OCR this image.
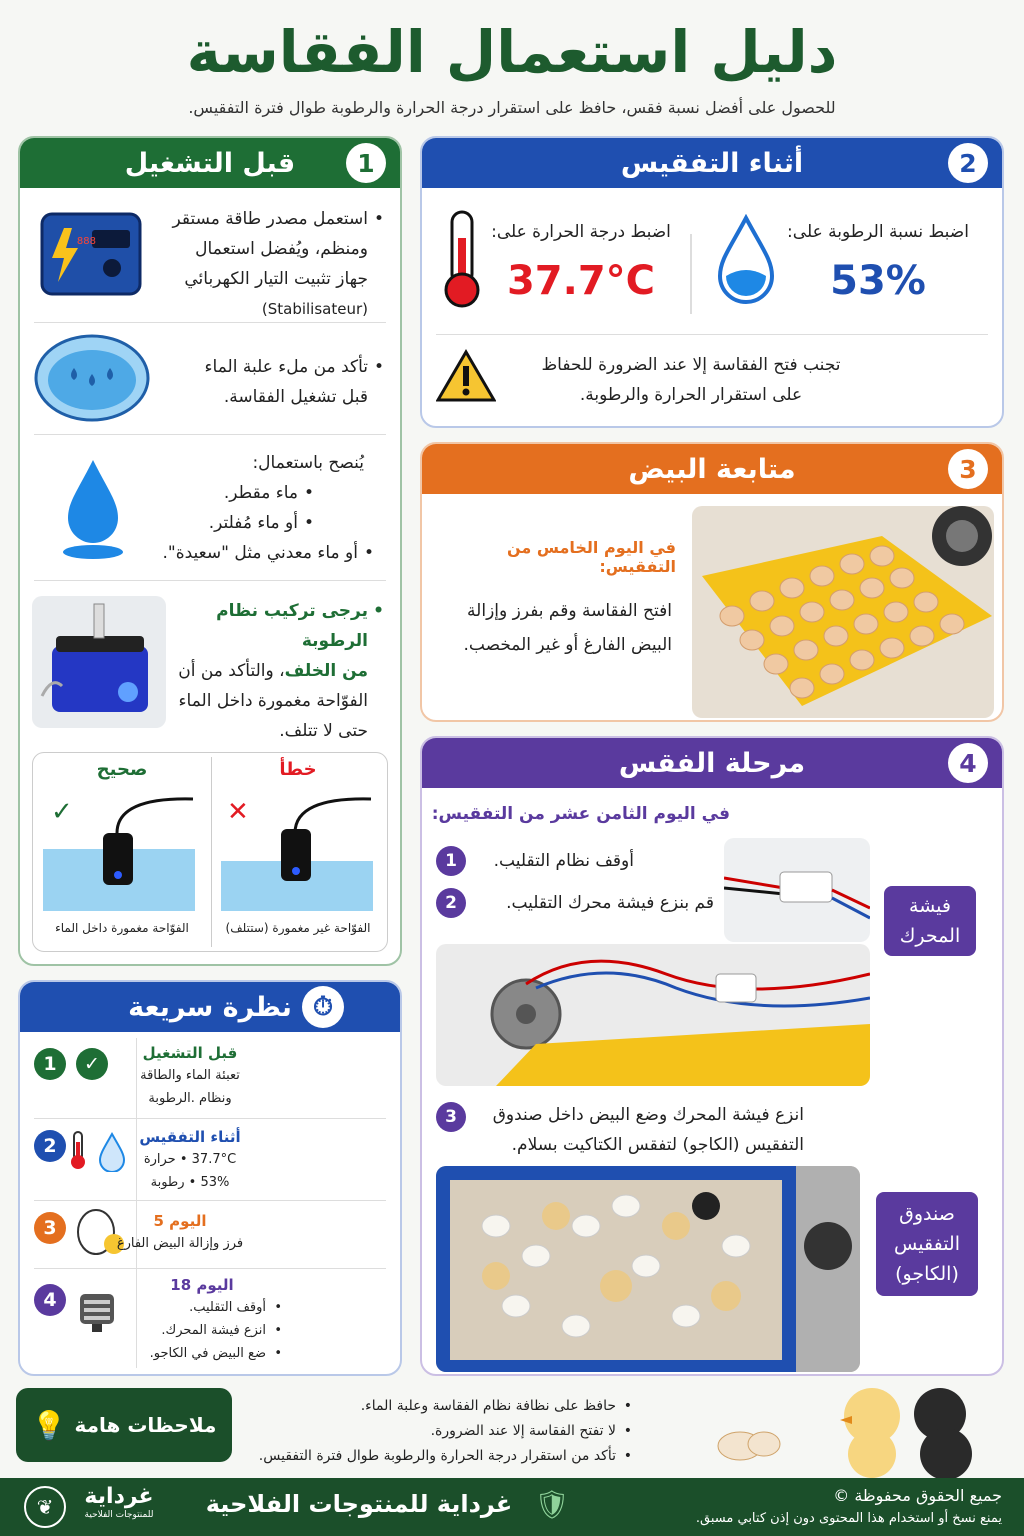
دليل استعمال الفقاسة
للحصول على أفضل نسبة فقس، حافظ على استقرار درجة الحرارة والرطوبة طوال فترة التفقيس.
قبل التشغيل	1
888
• استعمل مصدر طاقة مستقر
ومنظم، ويُفضل استعمال
جهاز تثبيت التيار الكهربائي
(Stabilisateur)
• تأكد من ملء علبة الماء
قبل تشغيل الفقاسة.
يُنصح باستعمال:
• ماء مقطر.
• أو ماء مُفلتر.
• أو ماء معدني مثل "سعيدة".
• يرجى تركيب نظام الرطوبة
من الخلف، والتأكد من أن
الفوّاحة مغمورة داخل الماء
حتى لا تتلف.
خطأ
✕
الفوّاحة غير مغمورة (ستتلف)
صحيح
✓
الفوّاحة مغمورة داخل الماء
نظرة سريعة ⏱
1	✓	قبل التشغيل
تعبئة الماء والطاقة
ونظام .الرطوبة
2	أثناء التفقيس
37.7°C • حرارة
53% • رطوبة
3	اليوم 5
فرز وإزالة البيض الفارغ
4
اليوم 18
• أوقف التقليب.
• انزع فيشة المحرك.
• ضع البيض في الكاجو.
أثناء التفقيس	2
اضبط درجة الحرارة على:
37.7°C
اضبط نسبة الرطوبة على:
53%
تجنب فتح الفقاسة إلا عند الضرورة للحفاظ
على استقرار الحرارة والرطوبة.
متابعة البيض	3
في اليوم الخامس من التفقيس:
افتح الفقاسة وقم بفرز وإزالة
البيض الفارغ أو غير المخصب.
مرحلة الفقس	4
في اليوم الثامن عشر من التفقيس:
1	أوقف نظام التقليب.
2	قم بنزع فيشة محرك التقليب.	فيشة
المحرك
3	انزع فيشة المحرك وضع البيض داخل صندوق
التفقيس (الكاجو) لتفقس الكتاكيت بسلام.
صندوق
التفقيس
(الكاجو)
ملاحظات هامة
💡
• حافظ على نظافة نظام الفقاسة وعلبة الماء.
• لا تفتح الفقاسة إلا عند الضرورة.
• تأكد من استقرار درجة الحرارة والرطوبة طوال فترة التفقيس.
❦	غرداية
للمنتوجات الفلاحية	غرداية للمنتوجات الفلاحية 🛡	جميع الحقوق محفوظة ©
يمنع نسخ أو استخدام هذا المحتوى دون إذن كتابي مسبق.
